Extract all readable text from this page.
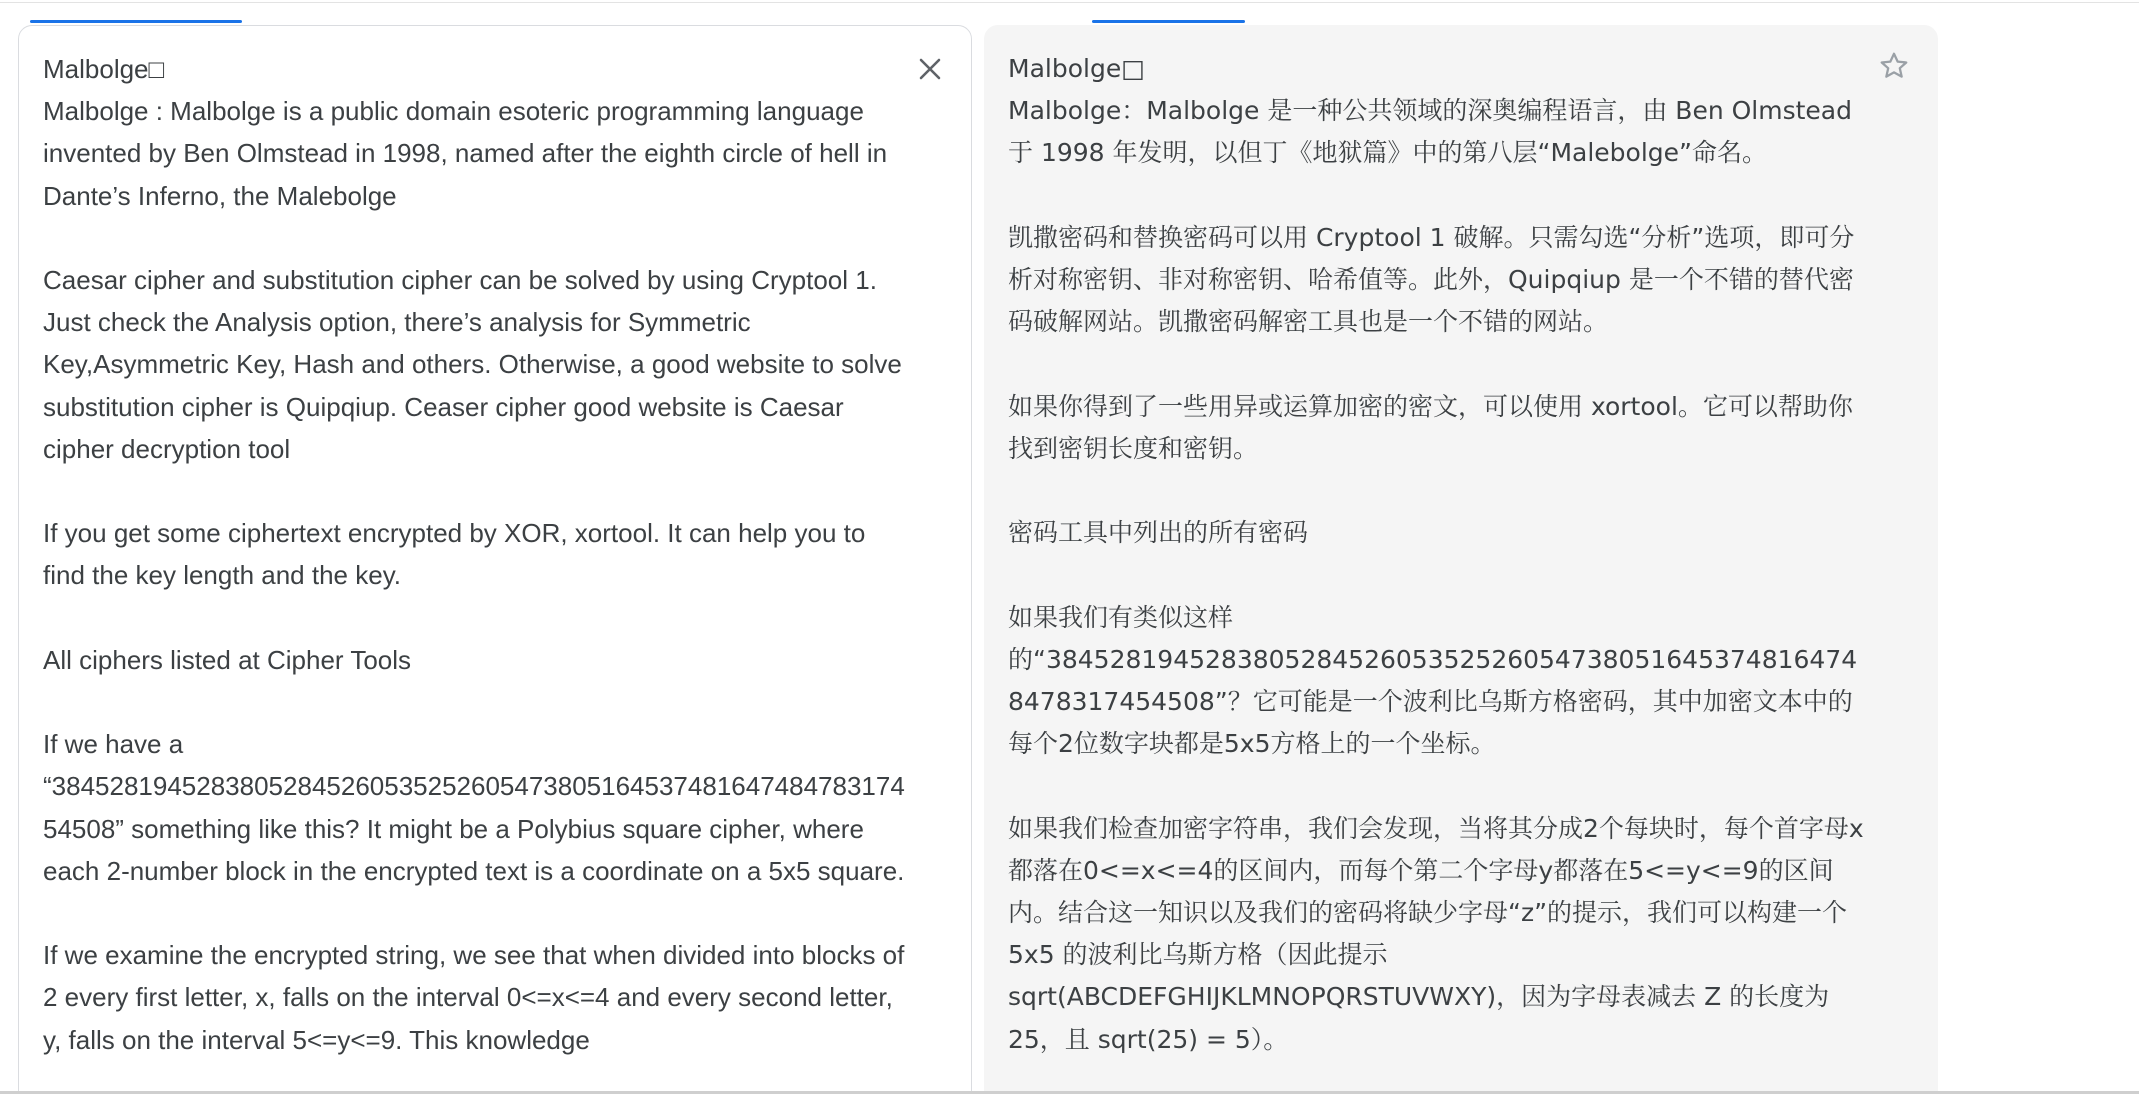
Malbolge□
Malbolge : Malbolge is a public domain esoteric programming language invented by Ben Olmstead in 1998, named after the eighth circle of hell in Dante’s Inferno, the Malebolge

Caesar cipher and substitution cipher can be solved by using Cryptool 1. Just check the Analysis option, there’s analysis for Symmetric Key,Asymmetric Key, Hash and others. Otherwise, a good website to solve substitution cipher is Quipqiup. Ceaser cipher good website is Caesar cipher decryption tool

If you get some ciphertext encrypted by XOR, xortool. It can help you to find the key length and the key.

All ciphers listed at Cipher Tools

If we have a “3845281945283805284526053525260547380516453748164748478317454508” something like this? It might be a Polybius square cipher, where each 2-number block in the encrypted text is a coordinate on a 5x5 square.

If we examine the encrypted string, we see that when divided into blocks of 2 every first letter, x, falls on the interval 0<=x<=4 and every second letter, y, falls on the interval 5<=y<=9. This knowledge
Malbolge□
Malbolge：Malbolge 是一种公共领域的深奥编程语言，由 Ben Olmstead 于 1998 年发明，以但丁《地狱篇》中的第八层“Malebolge”命名。

凯撒密码和替换密码可以用 Cryptool 1 破解。只需勾选“分析”选项，即可分析对称密钥、非对称密钥、哈希值等。此外，Quipqiup 是一个不错的替代密码破解网站。凯撒密码解密工具也是一个不错的网站。

如果你得到了一些用异或运算加密的密文，可以使用 xortool。它可以帮助你找到密钥长度和密钥。

密码工具中列出的所有密码

如果我们有类似这样的“3845281945283805284526053525260547380516453748164748478317454508”？它可能是一个波利比乌斯方格密码，其中加密文本中的每个2位数字块都是5x5方格上的一个坐标。

如果我们检查加密字符串，我们会发现，当将其分成2个每块时，每个首字母x都落在0<=x<=4的区间内，而每个第二个字母y都落在5<=y<=9的区间内。结合这一知识以及我们的密码将缺少字母“z”的提示，我们可以构建一个 5x5 的波利比乌斯方格（因此提示 sqrt(ABCDEFGHIJKLMNOPQRSTUVWXY)，因为字母表减去 Z 的长度为 25，且 sqrt(25) = 5）。
